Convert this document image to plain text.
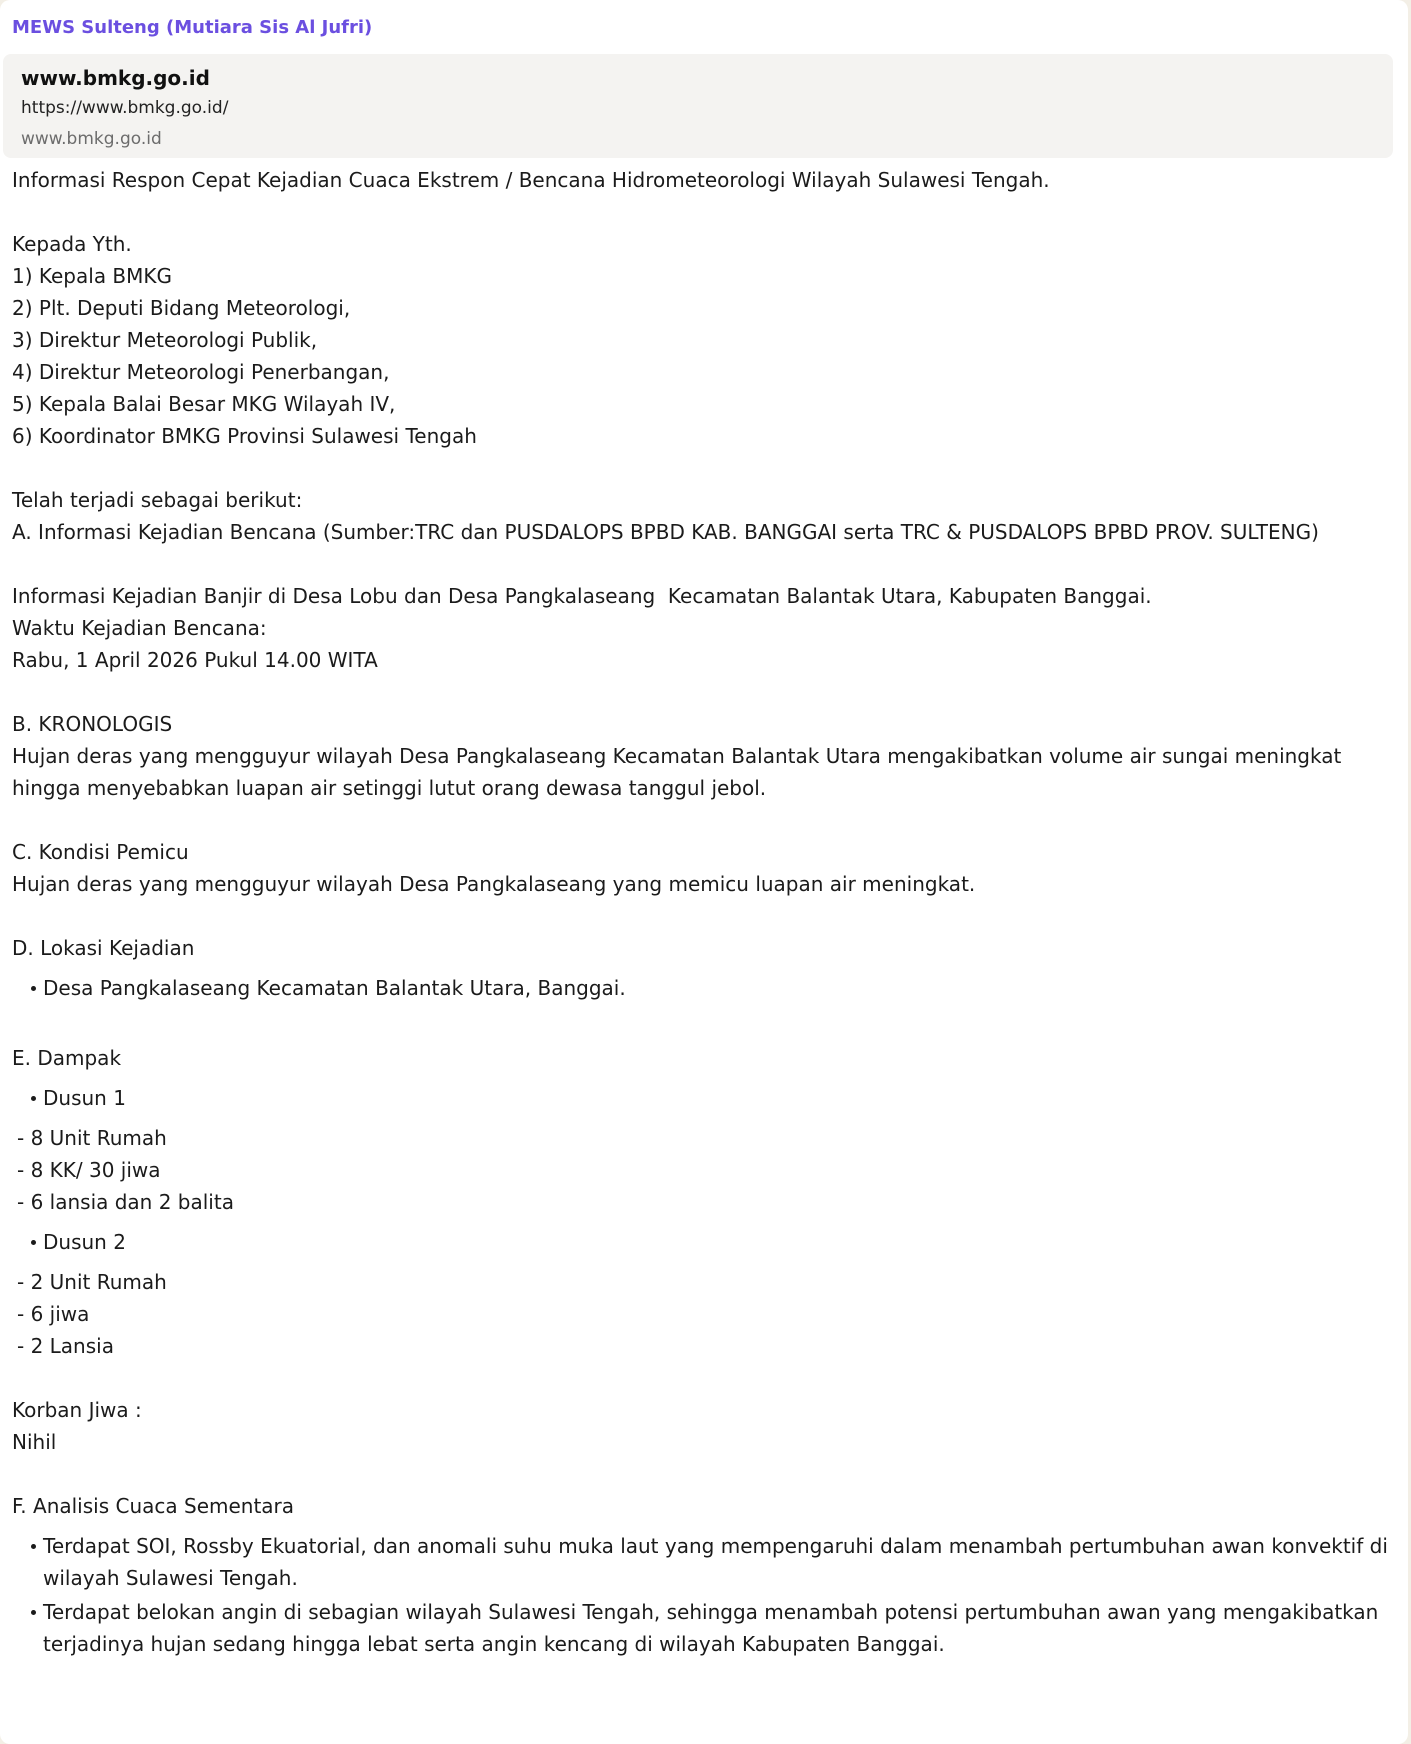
MEWS Sulteng (Mutiara Sis Al Jufri)
www.bmkg.go.id
https://www.bmkg.go.id/
www.bmkg.go.id
Informasi Respon Cepat Kejadian Cuaca Ekstrem / Bencana Hidrometeorologi Wilayah Sulawesi Tengah.
Kepada Yth.
1) Kepala BMKG
2) Plt. Deputi Bidang Meteorologi,
3) Direktur Meteorologi Publik,
4) Direktur Meteorologi Penerbangan,
5) Kepala Balai Besar MKG Wilayah IV,
6) Koordinator BMKG Provinsi Sulawesi Tengah
Telah terjadi sebagai berikut:
A. Informasi Kejadian Bencana (Sumber:TRC dan PUSDALOPS BPBD KAB. BANGGAI serta TRC & PUSDALOPS BPBD PROV. SULTENG)
Informasi Kejadian Banjir di Desa Lobu dan Desa Pangkalaseang  Kecamatan Balantak Utara, Kabupaten Banggai.
Waktu Kejadian Bencana:
Rabu, 1 April 2026 Pukul 14.00 WITA
B. KRONOLOGIS
Hujan deras yang mengguyur wilayah Desa Pangkalaseang Kecamatan Balantak Utara mengakibatkan volume air sungai meningkat hingga menyebabkan luapan air setinggi lutut orang dewasa tanggul jebol.
C. Kondisi Pemicu
Hujan deras yang mengguyur wilayah Desa Pangkalaseang yang memicu luapan air meningkat.
D. Lokasi Kejadian
Desa Pangkalaseang Kecamatan Balantak Utara, Banggai.
E. Dampak
Dusun 1
- 8 Unit Rumah
- 8 KK/ 30 jiwa
- 6 lansia dan 2 balita
Dusun 2
- 2 Unit Rumah
- 6 jiwa
- 2 Lansia
Korban Jiwa :
Nihil
F. Analisis Cuaca Sementara
Terdapat SOI, Rossby Ekuatorial, dan anomali suhu muka laut yang mempengaruhi dalam menambah pertumbuhan awan konvektif di wilayah Sulawesi Tengah.
Terdapat belokan angin di sebagian wilayah Sulawesi Tengah, sehingga menambah potensi pertumbuhan awan yang mengakibatkan terjadinya hujan sedang hingga lebat serta angin kencang di wilayah Kabupaten Banggai.
